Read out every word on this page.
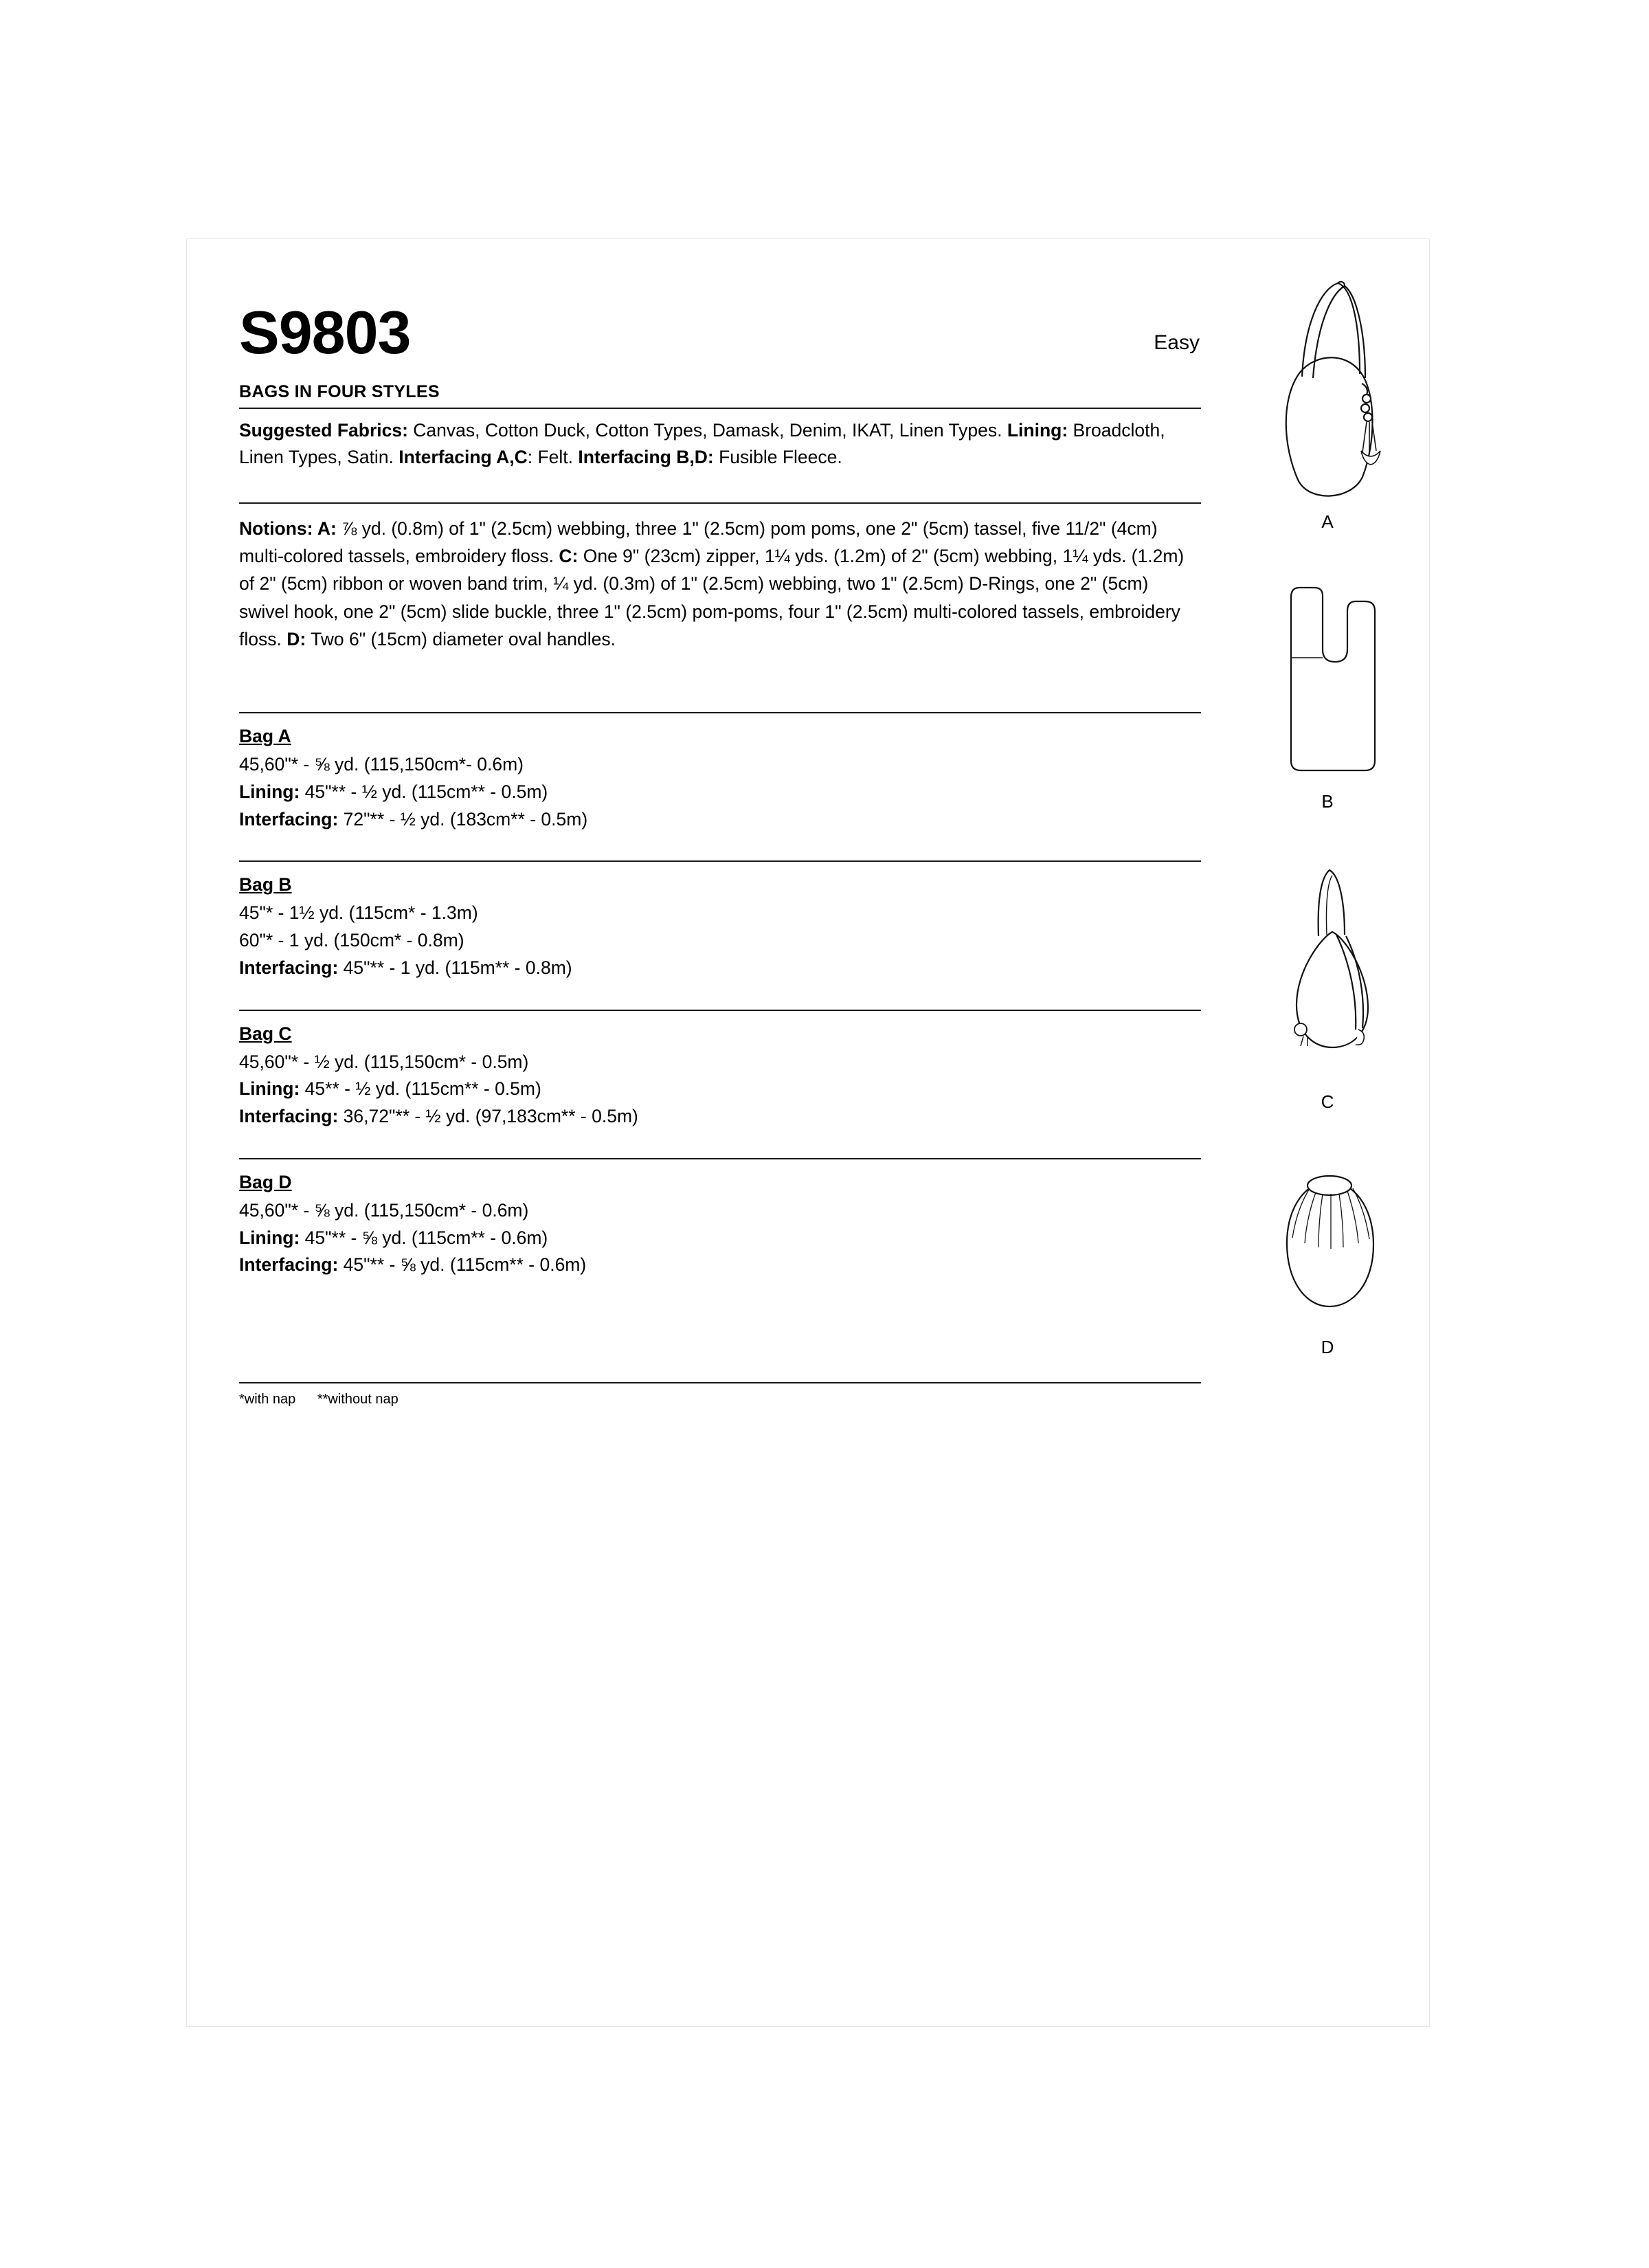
S9803	Easy
BAGS IN FOUR STYLES
Suggested Fabrics: Canvas, Cotton Duck, Cotton Types, Damask, Denim, IKAT, Linen Types. Lining: Broadcloth, Linen Types, Satin. Interfacing A,C: Felt. Interfacing B,D: Fusible Fleece.
Notions: A: ⅞ yd. (0.8m) of 1" (2.5cm) webbing, three 1" (2.5cm) pom poms, one 2" (5cm) tassel, five 11/2" (4cm) multi-colored tassels, embroidery floss. C: One 9" (23cm) zipper, 1¼ yds. (1.2m) of 2" (5cm) webbing, 1¼ yds. (1.2m) of 2" (5cm) ribbon or woven band trim, ¼ yd. (0.3m) of 1" (2.5cm) webbing, two 1" (2.5cm) D-Rings, one 2" (5cm) swivel hook, one 2" (5cm) slide buckle, three 1" (2.5cm) pom-poms, four 1" (2.5cm) multi-colored tassels, embroidery floss. D: Two 6" (15cm) diameter oval handles.
Bag A
45,60"* - ⅝ yd. (115,150cm*- 0.6m)
Lining: 45"** - ½ yd. (115cm** - 0.5m)
Interfacing: 72"** - ½ yd. (183cm** - 0.5m)
Bag B
45"* - 1½ yd. (115cm* - 1.3m)
60"* - 1 yd. (150cm* - 0.8m)
Interfacing: 45"** - 1 yd. (115m** - 0.8m)
Bag C
45,60"* - ½ yd. (115,150cm* - 0.5m)
Lining: 45** - ½ yd. (115cm** - 0.5m)
Interfacing: 36,72"** - ½ yd. (97,183cm** - 0.5m)
Bag D
45,60"* - ⅝ yd. (115,150cm* - 0.6m)
Lining: 45"** - ⅝ yd. (115cm** - 0.6m)
Interfacing: 45"** - ⅝ yd. (115cm** - 0.6m)
*with nap **without nap
A
B
C
D
